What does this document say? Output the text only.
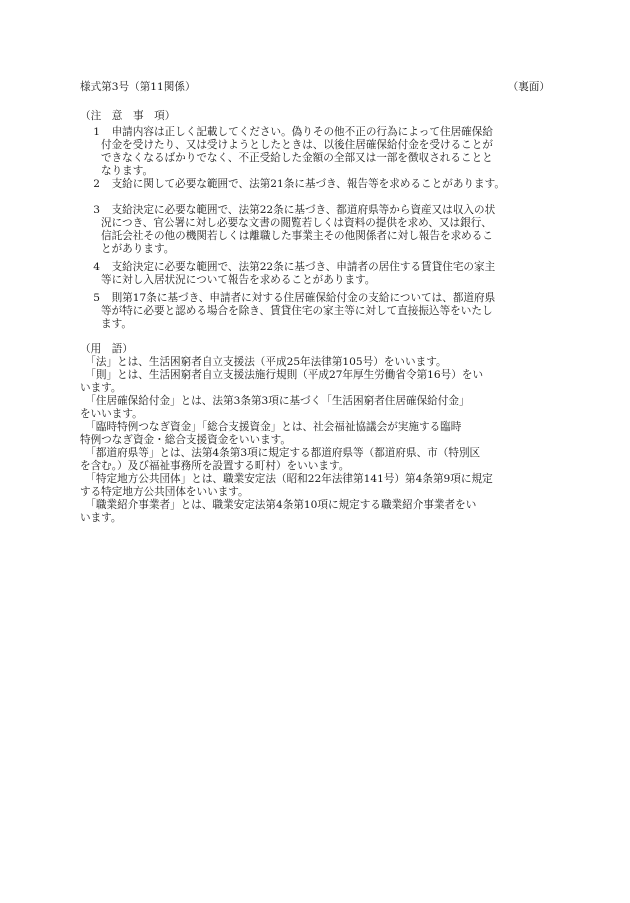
様式第3号（第11関係）	（裏面）
（注　意　事　項）
1 　申請内容は正しく記載してください。偽りその他不正の行為によって住居確保給
付金を受けたり、又は受けようとしたときは、以後住居確保給付金を受けることが
できなくなるばかりでなく、不正受給した金額の全部又は一部を徴収されることと
なります。
2 　支給に関して必要な範囲で、法第21条に基づき、報告等を求めることがあります。
3 　支給決定に必要な範囲で、法第22条に基づき、都道府県等から資産又は収入の状
況につき、官公署に対し必要な文書の閲覧若しくは資料の提供を求め、又は銀行、
信託会社その他の機関若しくは離職した事業主その他関係者に対し報告を求めるこ
とがあります。
4 　支給決定に必要な範囲で、法第22条に基づき、申請者の居住する賃貸住宅の家主
等に対し入居状況について報告を求めることがあります。
5 　則第17条に基づき、申請者に対する住居確保給付金の支給については、都道府県
等が特に必要と認める場合を除き、賃貸住宅の家主等に対して直接振込等をいたし
ます。
（用　語）
　「法」とは、生活困窮者自立支援法（平成25年法律第105号）をいいます。
　「則」とは、生活困窮者自立支援法施行規則（平成27年厚生労働省令第16号）をい
います。
　「住居確保給付金」とは、法第3条第3項に基づく「生活困窮者住居確保給付金」
をいいます。
　「臨時特例つなぎ資金」「総合支援資金」とは、社会福祉協議会が実施する臨時
特例つなぎ資金・総合支援資金をいいます。
　「都道府県等」とは、法第4条第3項に規定する都道府県等（都道府県、市（特別区
を含む。）及び福祉事務所を設置する町村）をいいます。
　「特定地方公共団体」とは、職業安定法（昭和22年法律第141号）第4条第9項に規定
する特定地方公共団体をいいます。
　「職業紹介事業者」とは、職業安定法第4条第10項に規定する職業紹介事業者をい
います。
